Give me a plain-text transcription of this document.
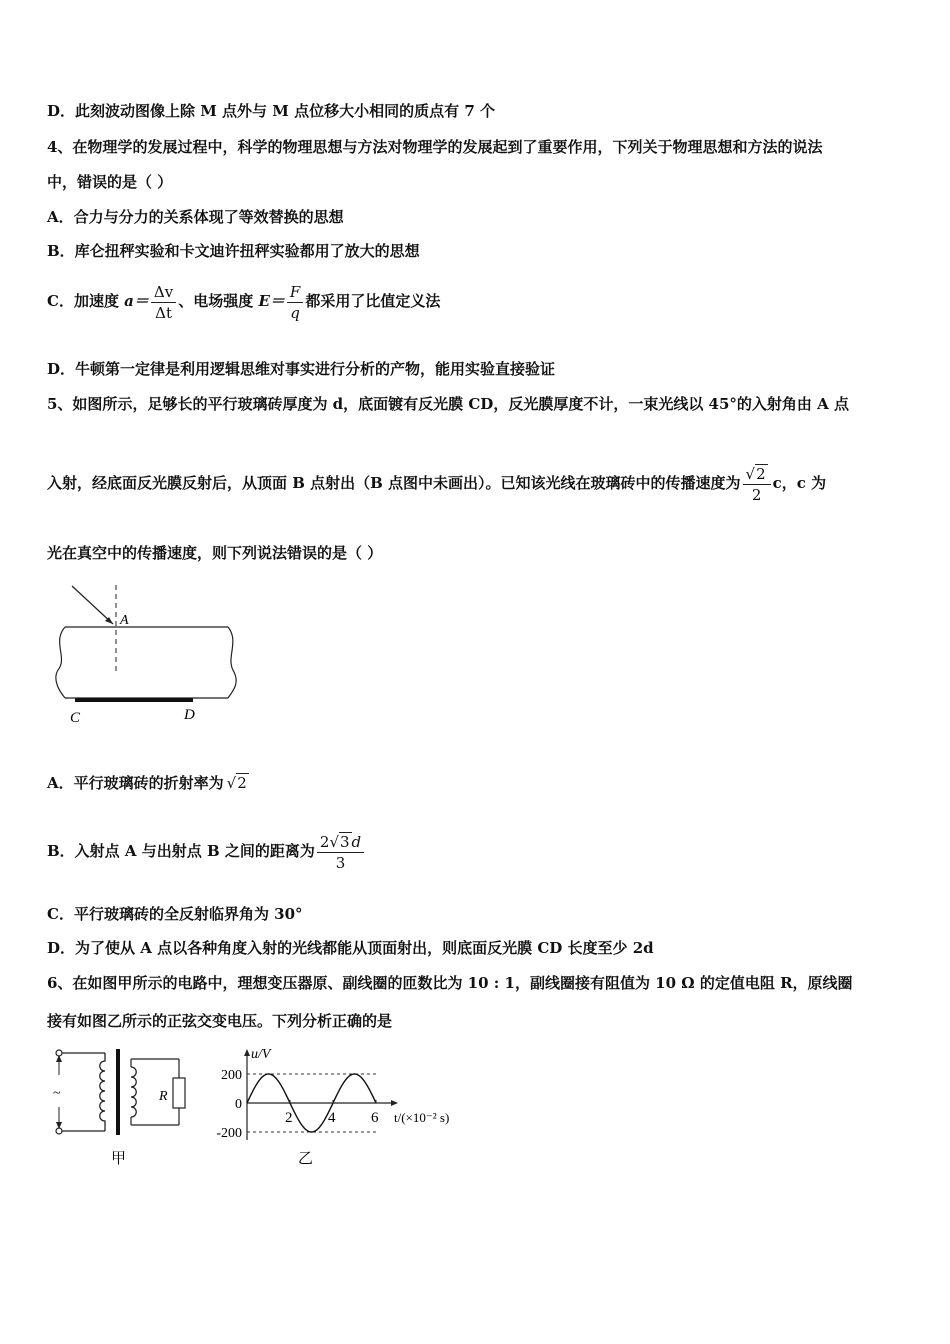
D．此刻波动图像上除 M 点外与 M 点位移大小相同的质点有 7 个
4、在物理学的发展过程中，科学的物理思想与方法对物理学的发展起到了重要作用，下列关于物理思想和方法的说法
中，错误的是（ ）
A．合力与分力的关系体现了等效替换的思想
B．库仑扭秤实验和卡文迪许扭秤实验都用了放大的思想
C．加速度 $a= \frac{\Delta v}{\Delta t}$ 、电场强度 $E= \frac{F}{q}$ 都采用了比值定义法
D．牛顿第一定律是利用逻辑思维对事实进行分析的产物，能用实验直接验证
5、如图所示，足够长的平行玻璃砖厚度为 d，底面镀有反光膜 CD，反光膜厚度不计，一束光线以 45°的入射角由 A 点
入射，经底面反光膜反射后，从顶面 B 点射出（B 点图中未画出）。已知该光线在玻璃砖中的传播速度为 $\frac{√2}{2}$ c，c 为
光在真空中的传播速度，则下列说法错误的是（ ）
A
C	D
A．平行玻璃砖的折射率为 √2
B．入射点 A 与出射点 B 之间的距离为 $\frac{2√3 d}{3}$
C．平行玻璃砖的全反射临界角为 30°
D．为了使从 A 点以各种角度入射的光线都能从顶面射出，则底面反光膜 CD 长度至少 2d
6、在如图甲所示的电路中，理想变压器原、副线圈的匝数比为 10 : 1，副线圈接有阻值为 10 Ω 的定值电阻 R，原线圈
接有如图乙所示的正弦交变电压。下列分析正确的是
~	R
甲
200
0
-200
2 4 6
u/V
t/(×10⁻² s)
乙
